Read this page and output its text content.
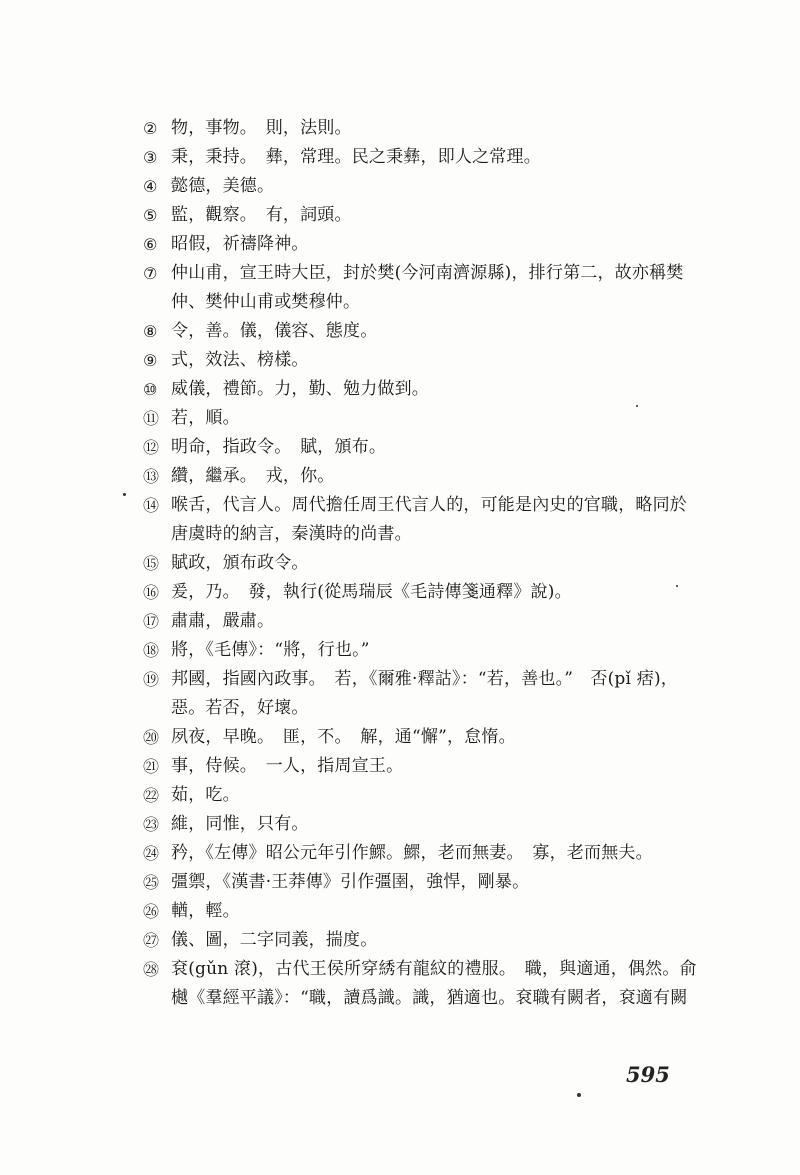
② 物，事物。　則，法則。
③ 秉，秉持。　彝，常理。民之秉彝，即人之常理。
④ 懿德，美德。
⑤ 監，觀察。　有，詞頭。
⑥ 昭假，祈禱降神。
⑦ 仲山甫，宣王時大臣，封於樊(今河南濟源縣)，排行第二，故亦稱樊仲、樊仲山甫或樊穆仲。
⑧ 令，善。儀，儀容、態度。
⑨ 式，效法、榜樣。
⑩ 威儀，禮節。力，勤、勉力做到。
⑪ 若，順。
⑫ 明命，指政令。　賦，頒布。
⑬ 纘，繼承。　戎，你。
⑭ 喉舌，代言人。周代擔任周王代言人的，可能是內史的官職，略同於唐虞時的納言，秦漢時的尚書。
⑮ 賦政，頒布政令。
⑯ 爰，乃。　發，執行(從馬瑞辰《毛詩傳箋通釋》說)。
⑰ 肅肅，嚴肅。
⑱ 將，《毛傳》：“將，行也。”
⑲ 邦國，指國內政事。　若，《爾雅·釋詁》：“若，善也。”　否(pǐ 痞)，惡。若否，好壞。
⑳ 夙夜，早晚。　匪，不。　解，通“懈”，怠惰。
㉑ 事，侍候。　一人，指周宣王。
㉒ 茹，吃。
㉓ 維，同惟，只有。
㉔ 矜，《左傳》昭公元年引作鰥。鰥，老而無妻。　寡，老而無夫。
㉕ 彊禦，《漢書·王莽傳》引作彊圉，強悍，剛暴。
㉖ 輶，輕。
㉗ 儀、圖，二字同義，揣度。
㉘ 袞(gǔn 滾)，古代王侯所穿綉有龍紋的禮服。　職，與適通，偶然。俞樾《羣經平議》：“職，讀爲識。識，猶適也。袞職有闕者，袞適有闕
595
